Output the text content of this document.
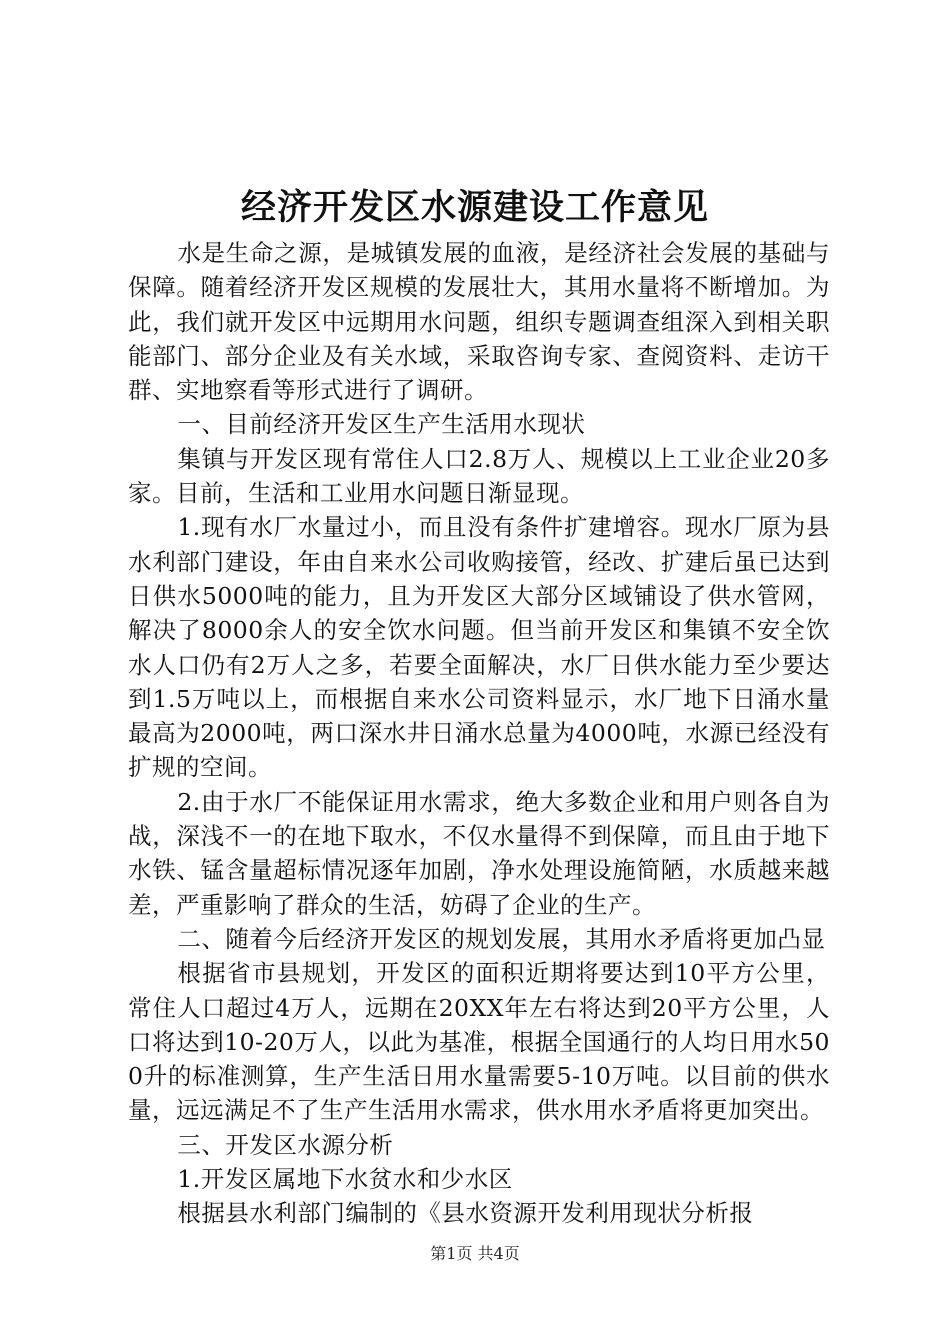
经济开发区水源建设工作意见

水是生命之源，是城镇发展的血液，是经济社会发展的基础与保障。随着经济开发区规模的发展壮大，其用水量将不断增加。为此，我们就开发区中远期用水问题，组织专题调查组深入到相关职能部门、部分企业及有关水域，采取咨询专家、查阅资料、走访干群、实地察看等形式进行了调研。

一、目前经济开发区生产生活用水现状

集镇与开发区现有常住人口2.8万人、规模以上工业企业20多家。目前，生活和工业用水问题日渐显现。

1.现有水厂水量过小，而且没有条件扩建增容。现水厂原为县水利部门建设，年由自来水公司收购接管，经改、扩建后虽已达到日供水5000吨的能力，且为开发区大部分区域铺设了供水管网，解决了8000余人的安全饮水问题。但当前开发区和集镇不安全饮水人口仍有2万人之多，若要全面解决，水厂日供水能力至少要达到1.5万吨以上，而根据自来水公司资料显示，水厂地下日涌水量最高为2000吨，两口深水井日涌水总量为4000吨，水源已经没有扩规的空间。

2.由于水厂不能保证用水需求，绝大多数企业和用户则各自为战，深浅不一的在地下取水，不仅水量得不到保障，而且由于地下水铁、锰含量超标情况逐年加剧，净水处理设施简陋，水质越来越差，严重影响了群众的生活，妨碍了企业的生产。

二、随着今后经济开发区的规划发展，其用水矛盾将更加凸显

根据省市县规划，开发区的面积近期将要达到10平方公里，常住人口超过4万人，远期在20XX年左右将达到20平方公里，人口将达到10-20万人，以此为基准，根据全国通行的人均日用水500升的标准测算，生产生活日用水量需要5-10万吨。以目前的供水量，远远满足不了生产生活用水需求，供水用水矛盾将更加突出。

三、开发区水源分析

1.开发区属地下水贫水和少水区

根据县水利部门编制的《县水资源开发利用现状分析报

第1页 共4页
